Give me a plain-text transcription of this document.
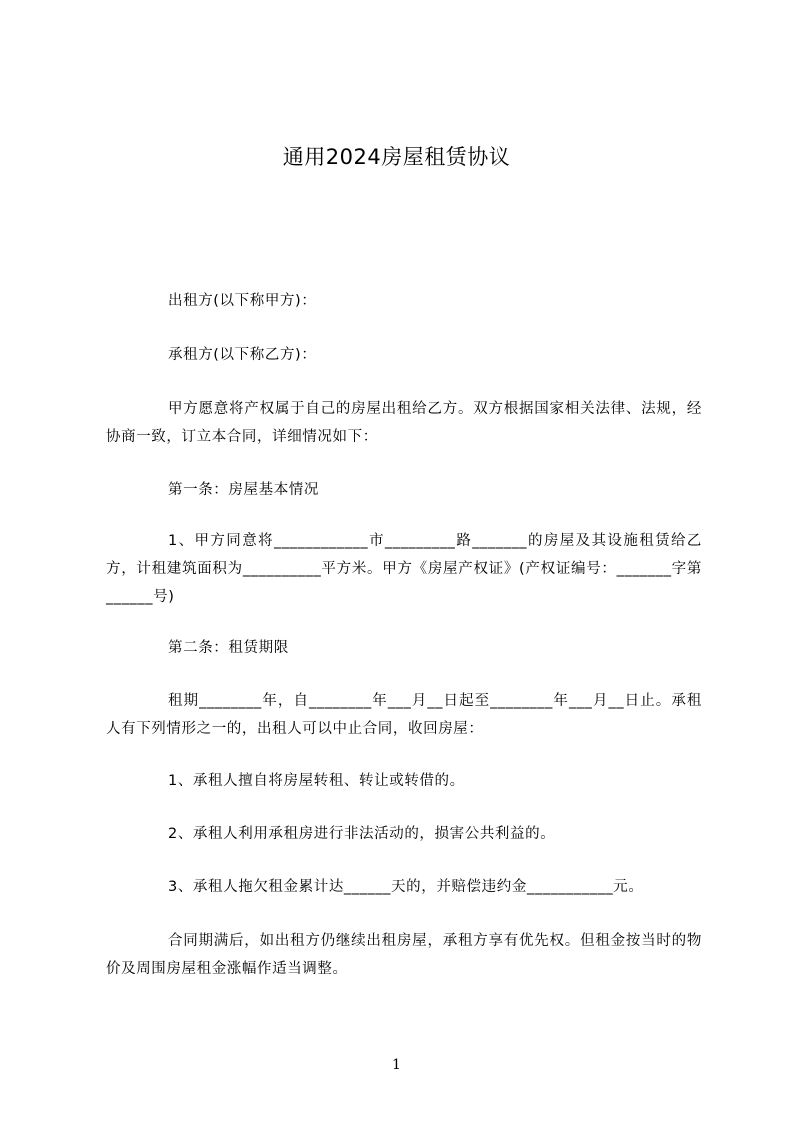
通用2024房屋租赁协议
出租方(以下称甲方)：
承租方(以下称乙方)：
甲方愿意将产权属于自己的房屋出租给乙方。双方根据国家相关法律、法规，经协商一致，订立本合同，详细情况如下：
第一条：房屋基本情况
1、甲方同意将____________市_________路_______的房屋及其设施租赁给乙方，计租建筑面积为__________平方米。甲方《房屋产权证》(产权证编号：_______字第______号)
第二条：租赁期限
租期________年，自________年___月__日起至________年___月__日止。承租人有下列情形之一的，出租人可以中止合同，收回房屋：
1、承租人擅自将房屋转租、转让或转借的。
2、承租人利用承租房进行非法活动的，损害公共利益的。
3、承租人拖欠租金累计达______天的，并赔偿违约金___________元。
合同期满后，如出租方仍继续出租房屋，承租方享有优先权。但租金按当时的物价及周围房屋租金涨幅作适当调整。
1
